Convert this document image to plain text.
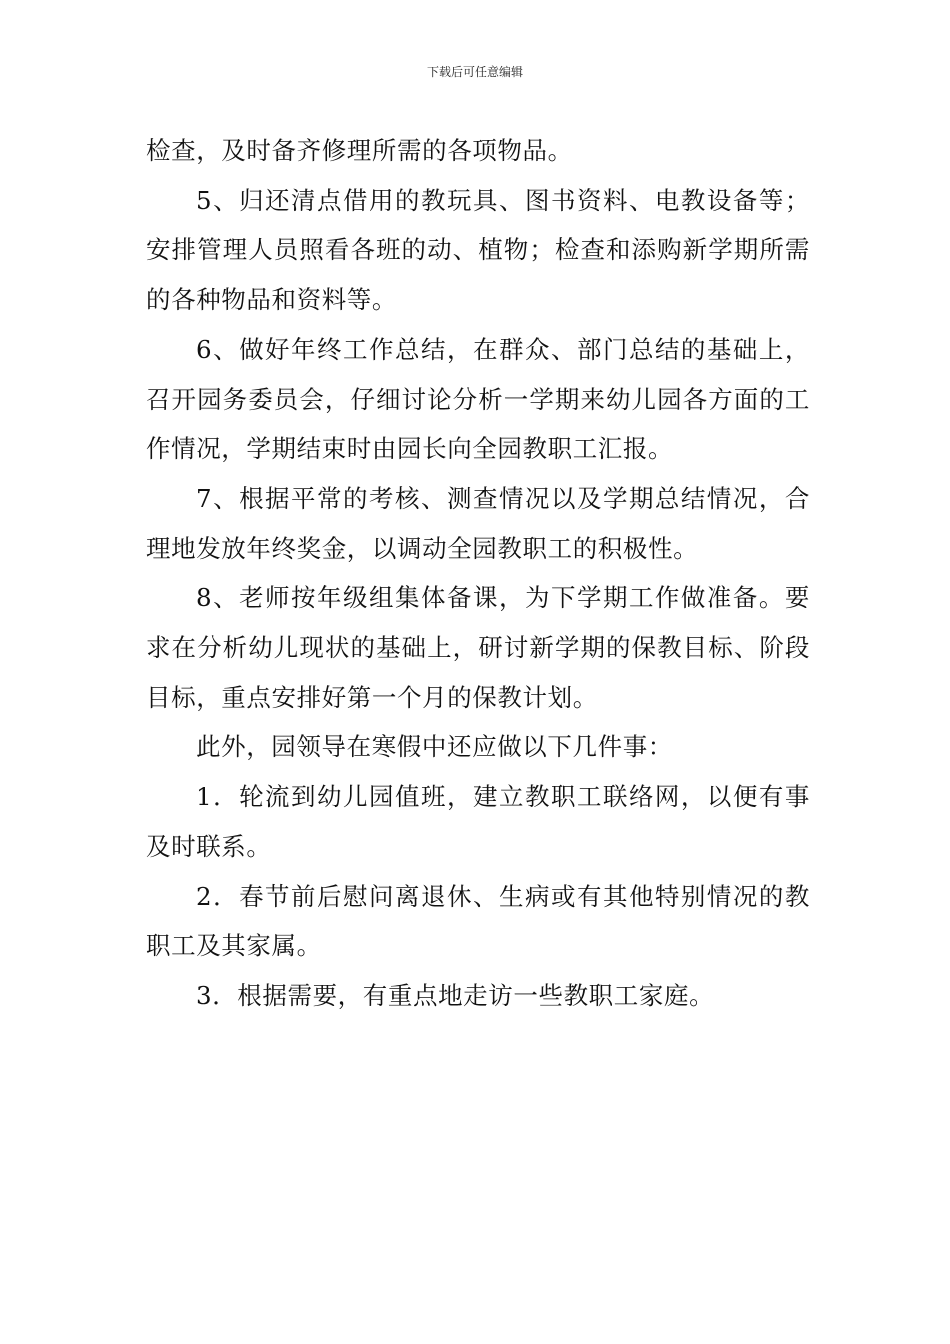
下载后可任意编辑

检查，及时备齐修理所需的各项物品。

5、归还清点借用的教玩具、图书资料、电教设备等；安排管理人员照看各班的动、植物；检查和添购新学期所需的各种物品和资料等。

6、做好年终工作总结，在群众、部门总结的基础上，召开园务委员会，仔细讨论分析一学期来幼儿园各方面的工作情况，学期结束时由园长向全园教职工汇报。

7、根据平常的考核、测查情况以及学期总结情况，合理地发放年终奖金，以调动全园教职工的积极性。

8、老师按年级组集体备课，为下学期工作做准备。要求在分析幼儿现状的基础上，研讨新学期的保教目标、阶段目标，重点安排好第一个月的保教计划。

此外，园领导在寒假中还应做以下几件事：

1．轮流到幼儿园值班，建立教职工联络网，以便有事及时联系。

2．春节前后慰问离退休、生病或有其他特别情况的教职工及其家属。

3．根据需要，有重点地走访一些教职工家庭。
